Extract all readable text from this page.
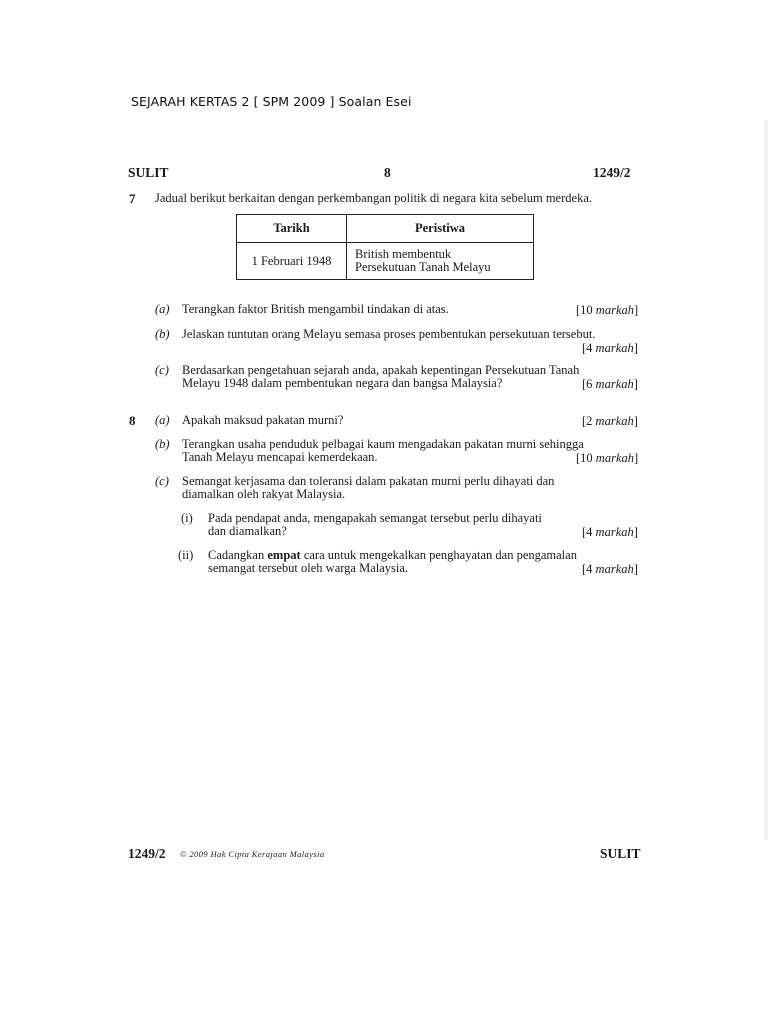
SEJARAH KERTAS 2 [ SPM 2009 ] Soalan Esei
SULIT	8	1249/2
7 Jadual berikut berkaitan dengan perkembangan politik di negara kita sebelum merdeka.
Tarikh	Peristiwa
1 Februari 1948	British membentuk
Persekutuan Tanah Melayu
(a) Terangkan faktor British mengambil tindakan di atas.	[10 markah]
(b) Jelaskan tuntutan orang Melayu semasa proses pembentukan persekutuan tersebut.
[4 markah]
(c) Berdasarkan pengetahuan sejarah anda, apakah kepentingan Persekutuan Tanah
Melayu 1948 dalam pembentukan negara dan bangsa Malaysia?	[6 markah]
8 (a) Apakah maksud pakatan murni?	[2 markah]
(b) Terangkan usaha penduduk pelbagai kaum mengadakan pakatan murni sehingga
Tanah Melayu mencapai kemerdekaan.	[10 markah]
(c) Semangat kerjasama dan toleransi dalam pakatan murni perlu dihayati dan
diamalkan oleh rakyat Malaysia.
(i) Pada pendapat anda, mengapakah semangat tersebut perlu dihayati
dan diamalkan?	[4 markah]
(ii) Cadangkan empat cara untuk mengekalkan penghayatan dan pengamalan
semangat tersebut oleh warga Malaysia.	[4 markah]
1249/2 © 2009 Hak Cipta Kerajaan Malaysia	SULIT
